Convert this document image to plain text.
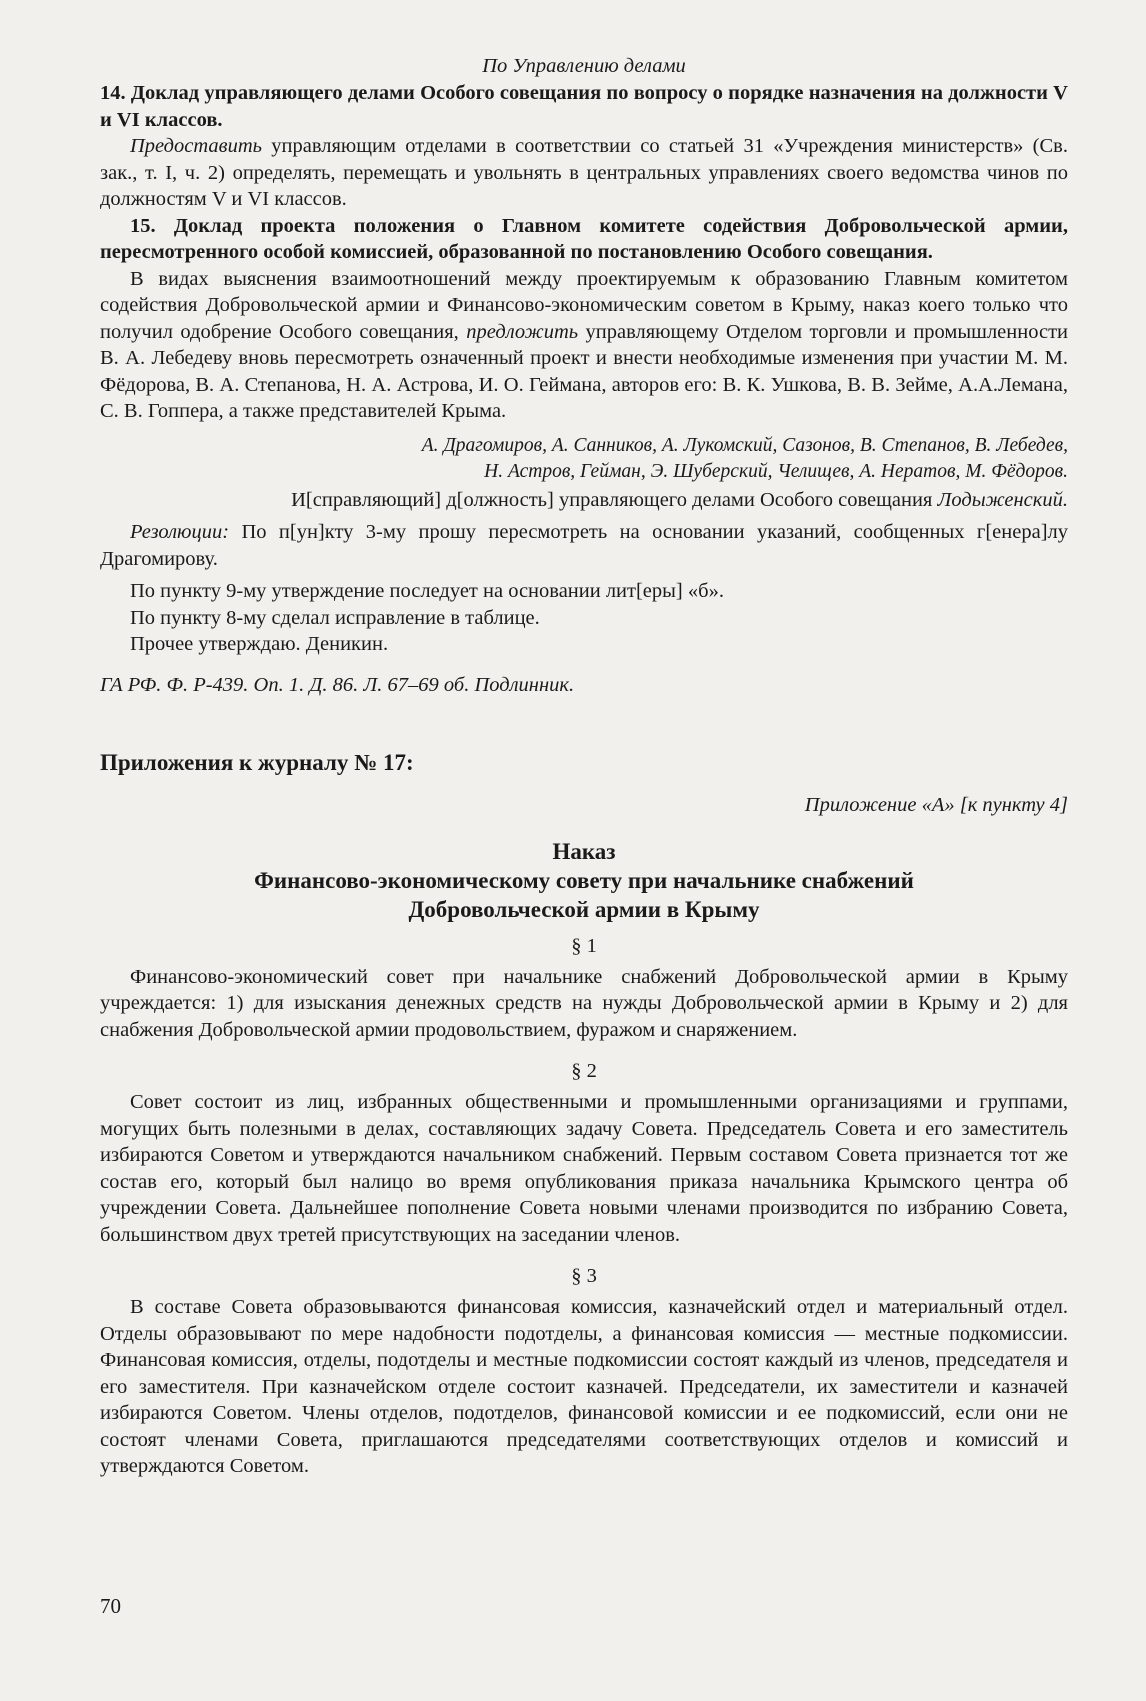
По Управлению делами

14. Доклад управляющего делами Особого совещания по вопросу о порядке назначения на должности V и VI классов.

Предоставить управляющим отделами в соответствии со статьей 31 «Учреждения министерств» (Св. зак., т. I, ч. 2) определять, перемещать и увольнять в центральных управлениях своего ведомства чинов по должностям V и VI классов.

15. Доклад проекта положения о Главном комитете содействия Добровольческой армии, пересмотренного особой комиссией, образованной по постановлению Особого совещания.

В видах выяснения взаимоотношений между проектируемым к образованию Главным комитетом содействия Добровольческой армии и Финансово-экономическим советом в Крыму, наказ коего только что получил одобрение Особого совещания, предложить управляющему Отделом торговли и промышленности В. А. Лебедеву вновь пересмотреть означенный проект и внести необходимые изменения при участии М. М. Фёдорова, В. А. Степанова, Н. А. Астрова, И. О. Геймана, авторов его: В. К. Ушкова, В. В. Зейме, А.А.Лемана, С. В. Гоппера, а также представителей Крыма.

А. Драгомиров, А. Санников, А. Лукомский, Сазонов, В. Степанов, В. Лебедев,
Н. Астров, Гейман, Э. Шуберский, Челищев, А. Нератов, М. Фёдоров.

И[справляющий] д[олжность] управляющего делами Особого совещания Лодыженский.

Резолюции: По п[ун]кту 3-му прошу пересмотреть на основании указаний, сообщенных г[енера]лу Драгомирову.

По пункту 9-му утверждение последует на основании лит[еры] «б».

По пункту 8-му сделал исправление в таблице.

Прочее утверждаю. Деникин.

ГА РФ. Ф. Р-439. Оп. 1. Д. 86. Л. 67–69 об. Подлинник.

Приложения к журналу № 17:

Приложение «А» [к пункту 4]

Наказ
Финансово-экономическому совету при начальнике снабжений
Добровольческой армии в Крыму
§ 1

Финансово-экономический совет при начальнике снабжений Добровольческой армии в Крыму учреждается: 1) для изыскания денежных средств на нужды Добровольческой армии в Крыму и 2) для снабжения Добровольческой армии продовольствием, фуражом и снаряжением.

§ 2

Совет состоит из лиц, избранных общественными и промышленными организациями и группами, могущих быть полезными в делах, составляющих задачу Совета. Председатель Совета и его заместитель избираются Советом и утверждаются начальником снабжений. Первым составом Совета признается тот же состав его, который был налицо во время опубликования приказа начальника Крымского центра об учреждении Совета. Дальнейшее пополнение Совета новыми членами производится по избранию Совета, большинством двух третей присутствующих на заседании членов.

§ 3

В составе Совета образовываются финансовая комиссия, казначейский отдел и материальный отдел. Отделы образовывают по мере надобности подотделы, а финансовая комиссия — местные подкомиссии. Финансовая комиссия, отделы, подотделы и местные подкомиссии состоят каждый из членов, председателя и его заместителя. При казначейском отделе состоит казначей. Председатели, их заместители и казначей избираются Советом. Члены отделов, подотделов, финансовой комиссии и ее подкомиссий, если они не состоят членами Совета, приглашаются председателями соответствующих отделов и комиссий и утверждаются Советом.

70
